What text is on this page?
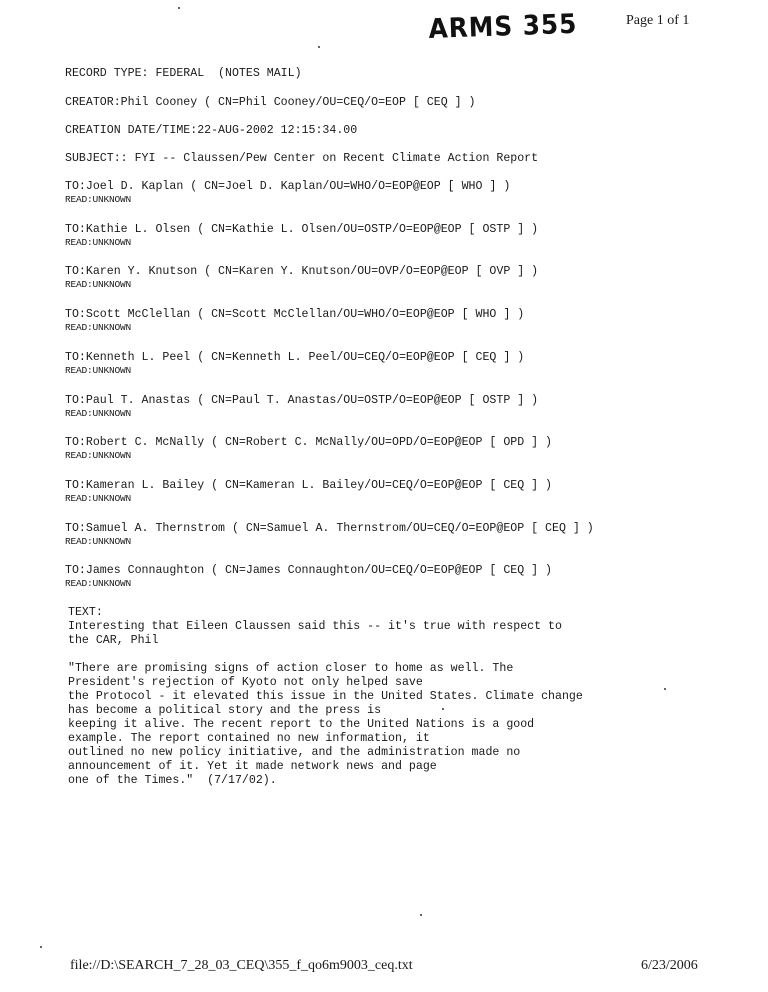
ARMS 355	Page 1 of 1
RECORD TYPE: FEDERAL  (NOTES MAIL)
CREATOR:Phil Cooney ( CN=Phil Cooney/OU=CEQ/O=EOP [ CEQ ] )
CREATION DATE/TIME:22-AUG-2002 12:15:34.00
SUBJECT:: FYI -- Claussen/Pew Center on Recent Climate Action Report
TO:Joel D. Kaplan ( CN=Joel D. Kaplan/OU=WHO/O=EOP@EOP [ WHO ] )
READ:UNKNOWN
TO:Kathie L. Olsen ( CN=Kathie L. Olsen/OU=OSTP/O=EOP@EOP [ OSTP ] )
READ:UNKNOWN
TO:Karen Y. Knutson ( CN=Karen Y. Knutson/OU=OVP/O=EOP@EOP [ OVP ] )
READ:UNKNOWN
TO:Scott McClellan ( CN=Scott McClellan/OU=WHO/O=EOP@EOP [ WHO ] )
READ:UNKNOWN
TO:Kenneth L. Peel ( CN=Kenneth L. Peel/OU=CEQ/O=EOP@EOP [ CEQ ] )
READ:UNKNOWN
TO:Paul T. Anastas ( CN=Paul T. Anastas/OU=OSTP/O=EOP@EOP [ OSTP ] )
READ:UNKNOWN
TO:Robert C. McNally ( CN=Robert C. McNally/OU=OPD/O=EOP@EOP [ OPD ] )
READ:UNKNOWN
TO:Kameran L. Bailey ( CN=Kameran L. Bailey/OU=CEQ/O=EOP@EOP [ CEQ ] )
READ:UNKNOWN
TO:Samuel A. Thernstrom ( CN=Samuel A. Thernstrom/OU=CEQ/O=EOP@EOP [ CEQ ] )
READ:UNKNOWN
TO:James Connaughton ( CN=James Connaughton/OU=CEQ/O=EOP@EOP [ CEQ ] )
READ:UNKNOWN
TEXT:
Interesting that Eileen Claussen said this -- it's true with respect to
the CAR, Phil
"There are promising signs of action closer to home as well. The
President's rejection of Kyoto not only helped save
the Protocol - it elevated this issue in the United States. Climate change
has become a political story and the press is
keeping it alive. The recent report to the United Nations is a good
example. The report contained no new information, it
outlined no new policy initiative, and the administration made no
announcement of it. Yet it made network news and page
one of the Times."  (7/17/02).
file://D:\SEARCH_7_28_03_CEQ\355_f_qo6m9003_ceq.txt	6/23/2006
